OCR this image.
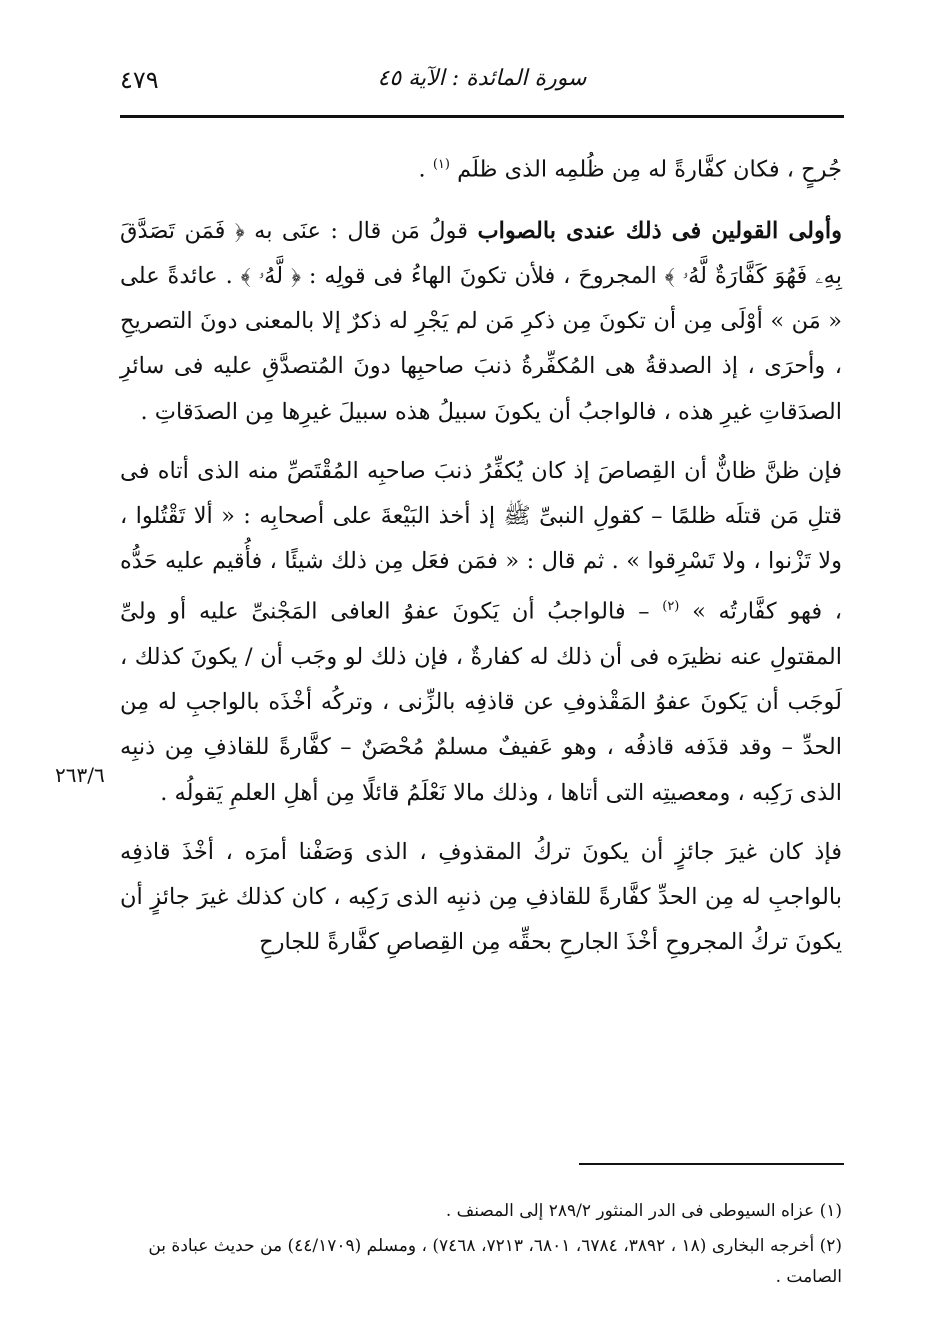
٤٧٩	سورة المائدة : الآية ٤٥

جُرحٍ ، فكان كفَّارةً له مِن ظُلمِه الذى ظلَم $^{(١)}$ .

وأولى القولين فى ذلك عندى بالصواب قولُ مَن قال : عنَى به ﴿ فَمَن تَصَدَّقَ بِهِۦ فَهُوَ كَفَّارَةٌ لَّهُۥ ﴾ المجروحَ ، فلأن تكونَ الهاءُ فى قولِه : ﴿ لَّهُۥ ﴾ . عائدةً على « مَن » أوْلَى مِن أن تكونَ مِن ذكرِ مَن لم يَجْرِ له ذكرٌ إلا بالمعنى دونَ التصريحِ ، وأحرَى ، إذ الصدقةُ هى المُكفِّرةُ ذنبَ صاحبِها دونَ المُتصدَّقِ عليه فى سائرِ الصدَقاتِ غيرِ هذه ، فالواجبُ أن يكونَ سبيلُ هذه سبيلَ غيرِها مِن الصدَقاتِ .

فإن ظنَّ ظانٌّ أن القِصاصَ إذ كان يُكفِّرُ ذنبَ صاحبِه المُقْتَصِّ منه الذى أتاه فى قتلِ مَن قتلَه ظلمًا – كقولِ النبىِّ ﷺ إذ أخذ البَيْعةَ على أصحابِه : « ألا تَقْتُلوا ، ولا تَزْنوا ، ولا تَسْرِقوا » . ثم قال : « فمَن فعَل مِن ذلك شيئًا ، فأُقيم عليه حَدُّه ، فهو كفَّارتُه » $^{(٢)}$ – فالواجبُ أن يَكونَ عفوُ العافى المَجْنىِّ عليه أو ولىِّ المقتولِ عنه نظيرَه فى أن ذلك له كفارةٌ ، فإن ذلك لو وجَب أن / يكونَ كذلك ، لَوجَب أن يَكونَ عفوُ المَقْذوفِ عن قاذفِه بالزِّنى ، وتركُه أخْذَه بالواجبِ له مِن الحدِّ – وقد قذَفه قاذفُه ، وهو عَفيفٌ مسلمٌ مُحْصَنٌ – كفَّارةً للقاذفِ مِن ذنبِه الذى رَكِبه ، ومعصيتِه التى أتاها ، وذلك مالا نَعْلَمُ قائلًا مِن أهلِ العلمِ يَقولُه .

فإذ كان غيرَ جائزٍ أن يكونَ تركُ المقذوفِ ، الذى وَصَفْنا أمرَه ، أخْذَ قاذفِه بالواجبِ له مِن الحدِّ كفَّارةً للقاذفِ مِن ذنبِه الذى رَكِبه ، كان كذلك غيرَ جائزٍ أن يكونَ تركُ المجروحِ أخْذَ الجارحِ بحقِّه مِن القِصاصِ كفَّارةً للجارحِ

٢٦٣/٦

(١) عزاه السيوطى فى الدر المنثور ٢٨٩/٢ إلى المصنف .

(٢) أخرجه البخارى (١٨ ، ٣٨٩٢، ٦٧٨٤، ٦٨٠١، ٧٢١٣، ٧٤٦٨) ، ومسلم (٤٤/١٧٠٩) من حديث عبادة بن الصامت .
